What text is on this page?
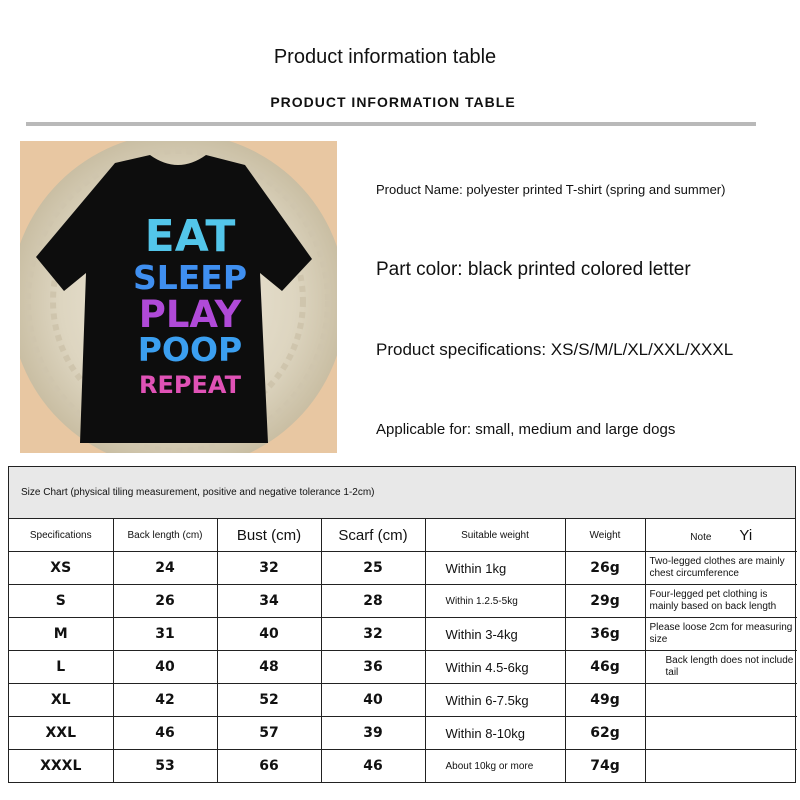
Product information table
PRODUCT INFORMATION TABLE
EAT
SLEEP
PLAY
POOP
REPEAT
Product Name: polyester printed T-shirt (spring and summer)
Part color: black printed colored letter
Product specifications: XS/S/M/L/XL/XXL/XXXL
Applicable for: small, medium and large dogs
Size Chart (physical tiling measurement, positive and negative tolerance 1-2cm)
Specifications	Back length (cm)	Bust (cm)	Scarf (cm)	Suitable weight	Weight	Note Yi
XS	24	32	25	Within 1kg	26g	Two-legged clothes are mainly chest circumference
S	26	34	28	Within 1.2.5-5kg	29g	Four-legged pet clothing is mainly based on back length
M	31	40	32	Within 3-4kg	36g	Please loose 2cm for measuring size
L	40	48	36	Within 4.5-6kg	46g	Back length does not include tail
XL	42	52	40	Within 6-7.5kg	49g	
XXL	46	57	39	Within 8-10kg	62g	
XXXL	53	66	46	About 10kg or more	74g	
